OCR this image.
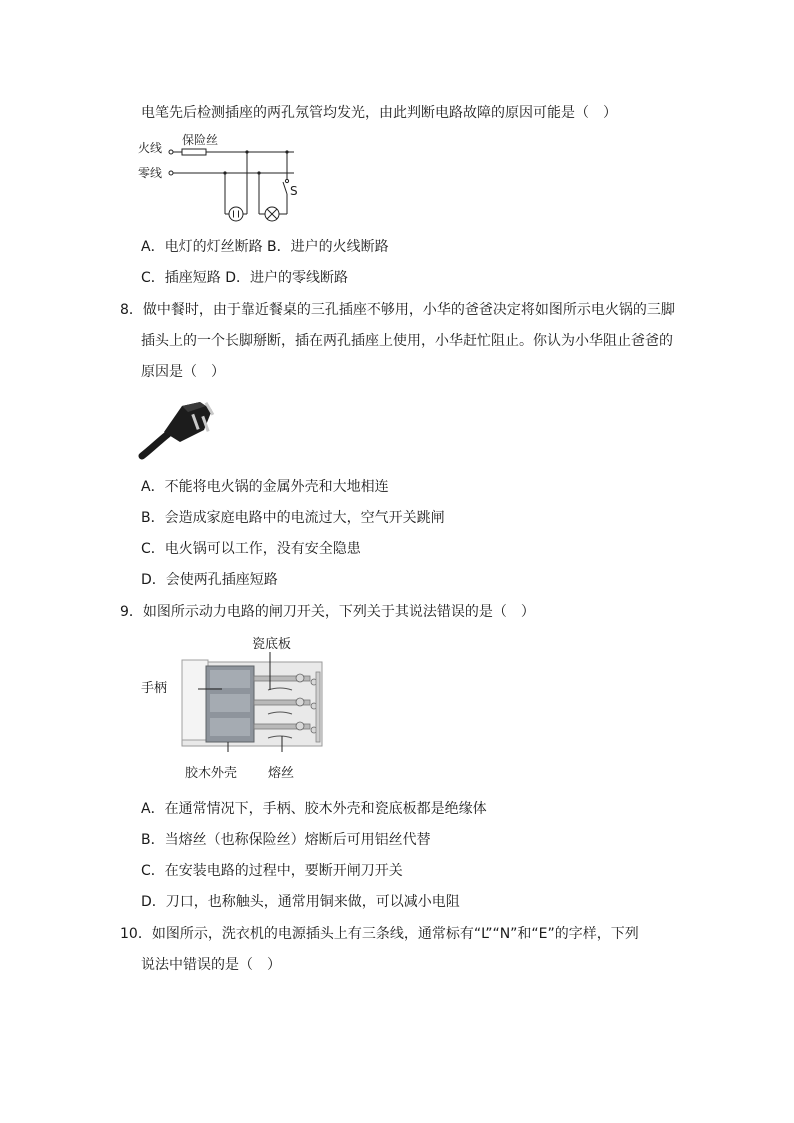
电笔先后检测插座的两孔氖管均发光，由此判断电路故障的原因可能是（　）
火线
零线
保险丝
S
A．电灯的灯丝断路 B．进户的火线断路
C．插座短路 D．进户的零线断路
8．做中餐时，由于靠近餐桌的三孔插座不够用，小华的爸爸决定将如图所示电火锅的三脚
插头上的一个长脚掰断，插在两孔插座上使用，小华赶忙阻止。你认为小华阻止爸爸的
原因是（　）
A．不能将电火锅的金属外壳和大地相连
B．会造成家庭电路中的电流过大，空气开关跳闸
C．电火锅可以工作，没有安全隐患
D．会使两孔插座短路
9．如图所示动力电路的闸刀开关，下列关于其说法错误的是（　）
瓷底板
手柄
胶木外壳 熔丝
A．在通常情况下，手柄、胶木外壳和瓷底板都是绝缘体
B．当熔丝（也称保险丝）熔断后可用铝丝代替
C．在安装电路的过程中，要断开闸刀开关
D．刀口，也称触头，通常用铜来做，可以减小电阻
10．如图所示，洗衣机的电源插头上有三条线，通常标有“L”“N”和“E”的字样，下列
说法中错误的是（　）
